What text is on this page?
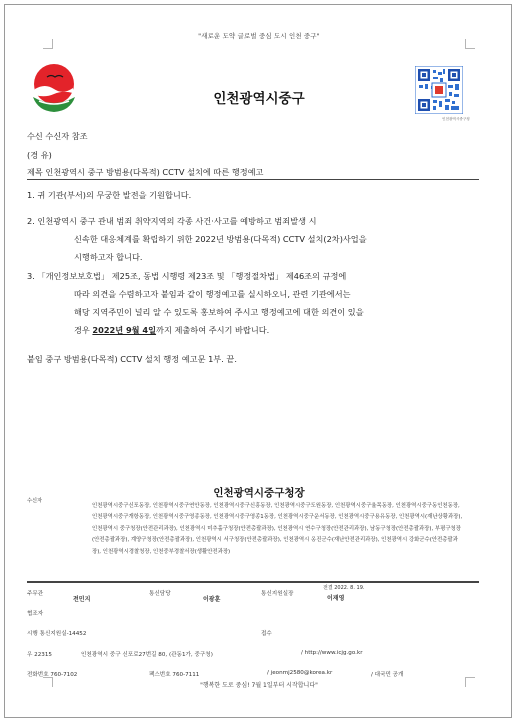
"새로운 도약 글로벌 중심 도시 인천 중구"
인천광역시중구
인천광역시중구청
수신 수신자 참조
(경 유)
제목 인천광역시 중구 방범용(다목적) CCTV 설치에 따른 행정예고
1. 귀 기관(부서)의 무궁한 발전을 기원합니다.
2. 인천광역시 중구 관내 범죄 취약지역의 각종 사건·사고를 예방하고 범죄발생 시
신속한 대응체계를 확립하기 위한 2022년 방범용(다목적) CCTV 설치(2차)사업을
시행하고자 합니다.
3. 「개인정보보호법」 제25조, 동법 시행령 제23조 및 「행정절차법」 제46조의 규정에
따라 의견을 수렴하고자 붙임과 같이 행정예고를 실시하오니, 관련 기관에서는
해당 지역주민이 널리 알 수 있도록 홍보하여 주시고 행정예고에 대한 의견이 있을
경우 2022년 9월 4일까지 제출하여 주시기 바랍니다.
붙임 중구 방범용(다목적) CCTV 설치 행정 예고문 1부. 끝.
인천광역시중구청장
수신자
인천광역시중구신포동장, 인천광역시중구연안동장, 인천광역시중구신흥동장, 인천광역시중구도원동장, 인천광역시중구율목동장, 인천광역시중구동인천동장, 인천광역시중구개항동장, 인천광역시중구영종동장, 인천광역시중구영종1동장, 인천광역시중구운서동장, 인천광역시중구용유동장, 인천광역시(재난상황과장), 인천광역시 중구청장(안전관리과장), 인천광역시 미추홀구청장(안전총괄과장), 인천광역시 연수구청장(안전관리과장), 남동구청장(안전총괄과장), 부평구청장(안전총괄과장), 계양구청장(안전총괄과장), 인천광역시 서구청장(안전총괄과장), 인천광역시 옹진군수(재난안전관리과장), 인천광역시 강화군수(안전총괄과장), 인천광역시경찰청장, 인천중부경찰서장(생활안전과장)
주무관
전민지
통신담당
이광훈
통신지원실장
전결 2022. 8. 19.
이재영
협조자
시행 통신지원실-14452	접수
우 22315	인천광역시 중구 신포로27번길 80, (관동1가, 중구청)	/ http://www.icjg.go.kr
전화번호 760-7102	팩스번호 760-7111	/ jeonmj2580@korea.kr	/ 대국민 공개
"행복한 도로 중심! 7월 1일부터 시작합니다"
